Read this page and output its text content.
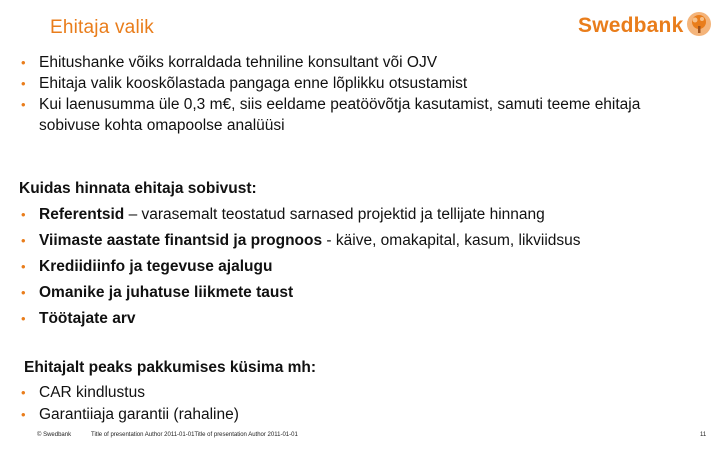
Ehitaja valik	Swedbank
• Ehitushanke võiks korraldada tehniline konsultant või OJV
• Ehitaja valik kooskõlastada pangaga enne lõplikku otsustamist
• Kui laenusumma üle 0,3 m€, siis eeldame peatöövõtja kasutamist, samuti teeme ehitaja sobivuse kohta omapoolse analüüsi
Kuidas hinnata ehitaja sobivust:
• Referentsid – varasemalt teostatud sarnased projektid ja tellijate hinnang
• Viimaste aastate finantsid ja prognoos - käive, omakapital, kasum, likviidsus
• Krediidiinfo ja tegevuse ajalugu
• Omanike ja juhatuse liikmete taust
• Töötajate arv
Ehitajalt peaks pakkumises küsima mh:
• CAR kindlustus
• Garantiiaja garantii (rahaline)
© Swedbank	Title of presentation Author 2011-01-01Title of presentation Author 2011-01-01	11
